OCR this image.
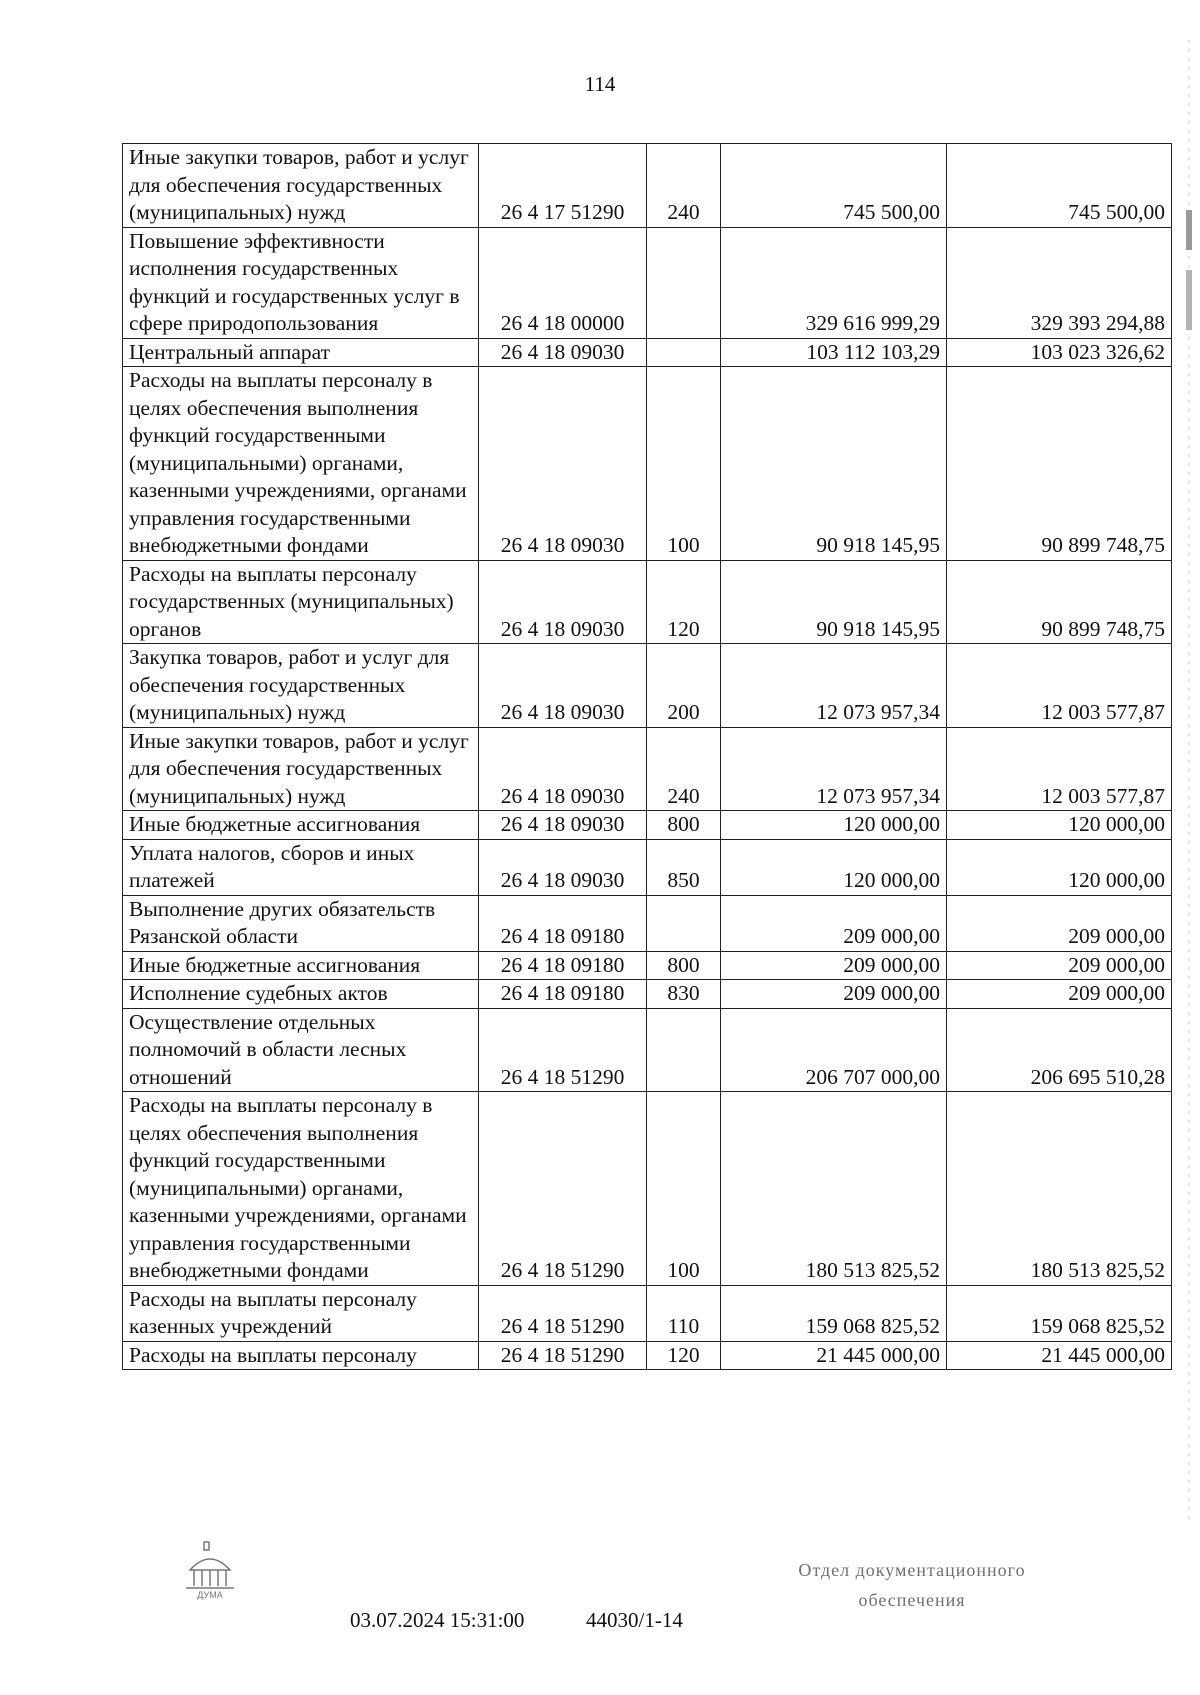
114
Иные закупки товаров, работ и услуг для обеспечения государственных (муниципальных) нужд	26 4 17 51290	240	745 500,00	745 500,00
Повышение эффективности исполнения государственных функций и государственных услуг в сфере природопользования	26 4 18 00000		329 616 999,29	329 393 294,88
Центральный аппарат	26 4 18 09030		103 112 103,29	103 023 326,62
Расходы на выплаты персоналу в целях обеспечения выполнения функций государственными (муниципальными) органами, казенными учреждениями, органами управления государственными внебюджетными фондами	26 4 18 09030	100	90 918 145,95	90 899 748,75
Расходы на выплаты персоналу государственных (муниципальных) органов	26 4 18 09030	120	90 918 145,95	90 899 748,75
Закупка товаров, работ и услуг для обеспечения государственных (муниципальных) нужд	26 4 18 09030	200	12 073 957,34	12 003 577,87
Иные закупки товаров, работ и услуг для обеспечения государственных (муниципальных) нужд	26 4 18 09030	240	12 073 957,34	12 003 577,87
Иные бюджетные ассигнования	26 4 18 09030	800	120 000,00	120 000,00
Уплата налогов, сборов и иных платежей	26 4 18 09030	850	120 000,00	120 000,00
Выполнение других обязательств Рязанской области	26 4 18 09180		209 000,00	209 000,00
Иные бюджетные ассигнования	26 4 18 09180	800	209 000,00	209 000,00
Исполнение судебных актов	26 4 18 09180	830	209 000,00	209 000,00
Осуществление отдельных полномочий в области лесных отношений	26 4 18 51290		206 707 000,00	206 695 510,28
Расходы на выплаты персоналу в целях обеспечения выполнения функций государственными (муниципальными) органами, казенными учреждениями, органами управления государственными внебюджетными фондами	26 4 18 51290	100	180 513 825,52	180 513 825,52
Расходы на выплаты персоналу казенных учреждений	26 4 18 51290	110	159 068 825,52	159 068 825,52
Расходы на выплаты персоналу	26 4 18 51290	120	21 445 000,00	21 445 000,00
ДУМА
03.07.2024 15:31:00	44030/1-14
Отдел документационного
обеспечения
